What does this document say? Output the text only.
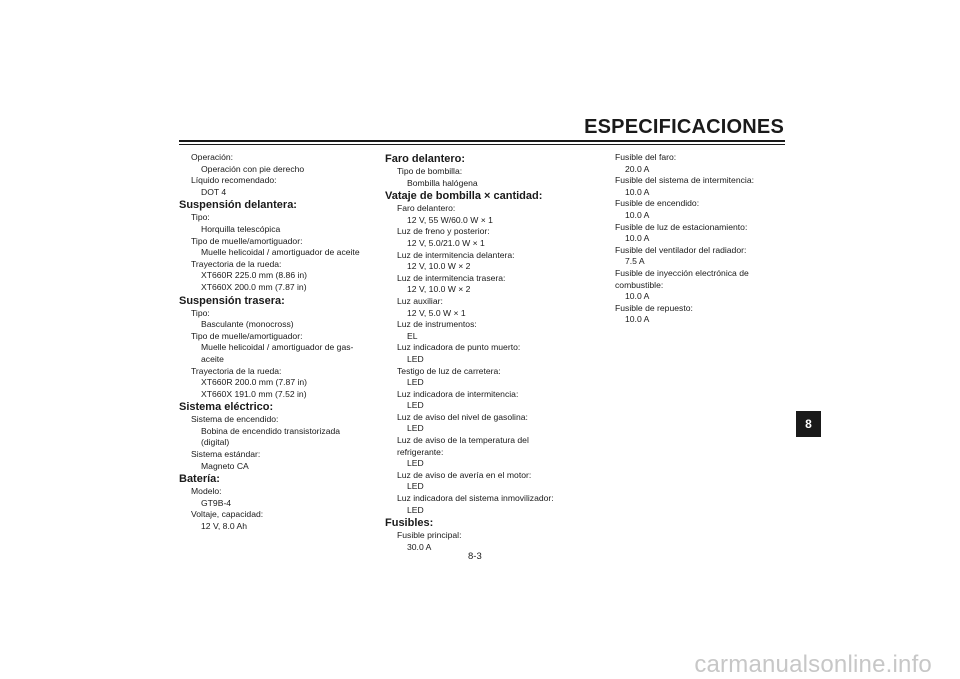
ESPECIFICACIONES
Operación:
Operación con pie derecho
Líquido recomendado:
DOT 4
Suspensión delantera:
Tipo:
Horquilla telescópica
Tipo de muelle/amortiguador:
Muelle helicoidal / amortiguador de aceite
Trayectoria de la rueda:
XT660R 225.0 mm (8.86 in)
XT660X 200.0 mm (7.87 in)
Suspensión trasera:
Tipo:
Basculante (monocross)
Tipo de muelle/amortiguador:
Muelle helicoidal / amortiguador de gas-
aceite
Trayectoria de la rueda:
XT660R 200.0 mm (7.87 in)
XT660X 191.0 mm (7.52 in)
Sistema eléctrico:
Sistema de encendido:
Bobina de encendido transistorizada
(digital)
Sistema estándar:
Magneto CA
Batería:
Modelo:
GT9B-4
Voltaje, capacidad:
12 V, 8.0 Ah
Faro delantero:
Tipo de bombilla:
Bombilla halógena
Vataje de bombilla × cantidad:
Faro delantero:
12 V, 55 W/60.0 W × 1
Luz de freno y posterior:
12 V, 5.0/21.0 W × 1
Luz de intermitencia delantera:
12 V, 10.0 W × 2
Luz de intermitencia trasera:
12 V, 10.0 W × 2
Luz auxiliar:
12 V, 5.0 W × 1
Luz de instrumentos:
EL
Luz indicadora de punto muerto:
LED
Testigo de luz de carretera:
LED
Luz indicadora de intermitencia:
LED
Luz de aviso del nivel de gasolina:
LED
Luz de aviso de la temperatura del
refrigerante:
LED
Luz de aviso de avería en el motor:
LED
Luz indicadora del sistema inmovilizador:
LED
Fusibles:
Fusible principal:
30.0 A
Fusible del faro:
20.0 A
Fusible del sistema de intermitencia:
10.0 A
Fusible de encendido:
10.0 A
Fusible de luz de estacionamiento:
10.0 A
Fusible del ventilador del radiador:
7.5 A
Fusible de inyección electrónica de
combustible:
10.0 A
Fusible de repuesto:
10.0 A
8-3
8
carmanualsonline.info
